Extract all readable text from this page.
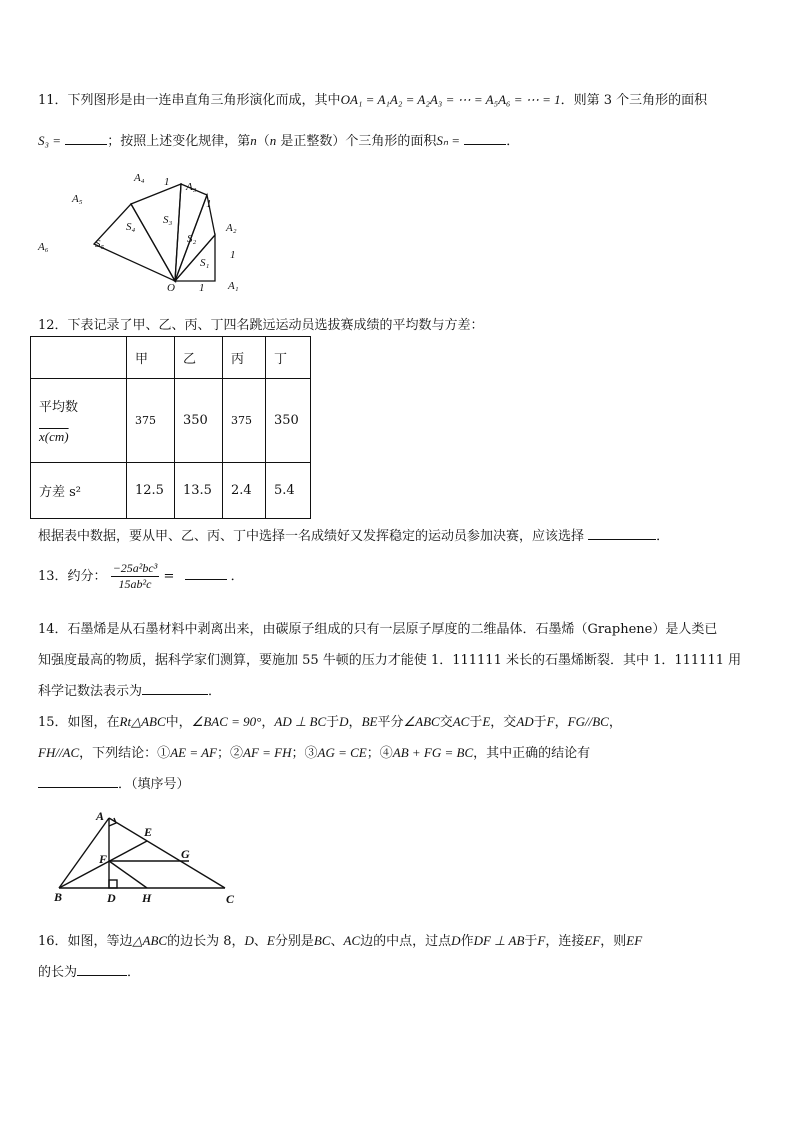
11．下列图形是由一连串直角三角形演化而成，其中OA₁ = A₁A₂ = A₂A₃ = ⋯ = A₅A₆ = ⋯ = 1．则第 3 个三角形的面积
S₃ =	；按照上述变化规律，第n（n 是正整数）个三角形的面积Sₙ =	．
A₄ 1 A₃
1
A₅
A₂
1
S₄
S₃
S₂
S₁
S₅
A₆
O 1 A₁
12．下表记录了甲、乙、丙、丁四名跳远运动员选拔赛成绩的平均数与方差：
	甲	乙	丙	丁

平均数
x(cm)	375	350	375	350
方差 s²	12.5	13.5	2.4	5.4
根据表中数据，要从甲、乙、丙、丁中选择一名成绩好又发挥稳定的运动员参加决赛，应该选择	．
13．约分： $\frac{\text{−25a²bc³}}{\text{15ab²c}}$ =	．
14．石墨烯是从石墨材料中剥离出来，由碳原子组成的只有一层原子厚度的二维晶体．石墨烯（Graphene）是人类已
知强度最高的物质，据科学家们测算，要施加 55 牛顿的压力才能使 1．111111 米长的石墨烯断裂．其中 1．111111 用
科学记数法表示为	．
15．如图，在Rt△ABC中，∠BAC = 90°，AD ⊥ BC于D，BE平分∠ABC交AC于E，交AD于F，FG//BC，
FH//AC，下列结论：①AE = AF；②AF = FH；③AG = CE；④AB + FG = BC，其中正确的结论有
．（填序号）
A
E
F	G
B	D H	C
16．如图，等边△ABC的边长为 8，D、E分别是BC、AC边的中点，过点D作DF ⊥ AB于F，连接EF，则EF
的长为	．
